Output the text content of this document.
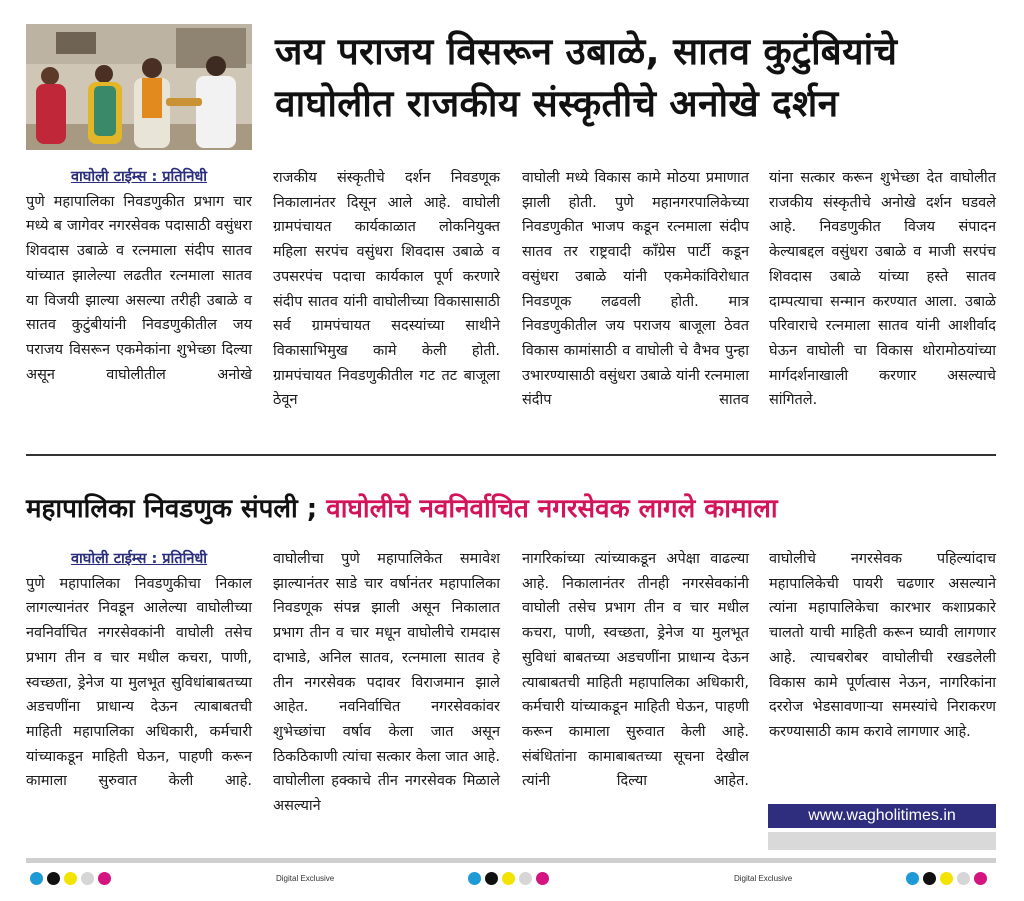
जय पराजय विसरून उबाळे, सातव कुटुंबियांचे वाघोलीत राजकीय संस्कृतीचे अनोखे दर्शन
वाघोली टाईम्स : प्रतिनिधी
पुणे महापालिका निवडणुकीत प्रभाग चार मध्ये ब जागेवर नगरसेवक पदासाठी वसुंधरा शिवदास उबाळे व रत्नमाला संदीप सातव यांच्यात झालेल्या लढतीत रत्नमाला सातव या विजयी झाल्या असल्या तरीही उबाळे व सातव कुटुंबीयांनी निवडणुकीतील जय पराजय विसरून एकमेकांना शुभेच्छा दिल्या असून वाघोलीतील अनोखे
राजकीय संस्कृतीचे दर्शन निवडणूक निकालानंतर दिसून आले आहे. वाघोली ग्रामपंचायत कार्यकाळात लोकनियुक्त महिला सरपंच वसुंधरा शिवदास उबाळे व उपसरपंच पदाचा कार्यकाल पूर्ण करणारे संदीप सातव यांनी वाघोलीच्या विकासासाठी सर्व ग्रामपंचायत सदस्यांच्या साथीने विकासाभिमुख कामे केली होती. ग्रामपंचायत निवडणुकीतील गट तट बाजूला ठेवून
वाघोली मध्ये विकास कामे मोठया प्रमाणात झाली होती. पुणे महानगरपालिकेच्या निवडणुकीत भाजप कडून रत्नमाला संदीप सातव तर राष्ट्रवादी काँग्रेस पार्टी कडून वसुंधरा उबाळे यांनी एकमेकांविरोधात निवडणूक लढवली होती. मात्र निवडणुकीतील जय पराजय बाजूला ठेवत विकास कामांसाठी व वाघोली चे वैभव पुन्हा उभारण्यासाठी वसुंधरा उबाळे यांनी रत्नमाला संदीप सातव
यांना सत्कार करून शुभेच्छा देत वाघोलीत राजकीय संस्कृतीचे अनोखे दर्शन घडवले आहे. निवडणुकीत विजय संपादन केल्याबद्दल वसुंधरा उबाळे व माजी सरपंच शिवदास उबाळे यांच्या हस्ते सातव दाम्पत्याचा सन्मान करण्यात आला. उबाळे परिवाराचे रत्नमाला सातव यांनी आशीर्वाद घेऊन वाघोली चा विकास थोरामोठयांच्या मार्गदर्शनाखाली करणार असल्याचे सांगितले.
महापालिका निवडणुक संपली ; वाघोलीचे नवनिर्वाचित नगरसेवक लागले कामाला
वाघोली टाईम्स : प्रतिनिधी
पुणे महापालिका निवडणुकीचा निकाल लागल्यानंतर निवडून आलेल्या वाघोलीच्या नवनिर्वाचित नगरसेवकांनी वाघोली तसेच प्रभाग तीन व चार मधील कचरा, पाणी, स्वच्छता, ड्रेनेज या मुलभूत सुविधांबाबतच्या अडचणींना प्राधान्य देऊन त्याबाबतची माहिती महापालिका अधिकारी, कर्मचारी यांच्याकडून माहिती घेऊन, पाहणी करून कामाला सुरुवात केली आहे.
वाघोलीचा पुणे महापालिकेत समावेश झाल्यानंतर साडे चार वर्षानंतर महापालिका निवडणूक संपन्न झाली असून निकालात प्रभाग तीन व चार मधून वाघोलीचे रामदास दाभाडे, अनिल सातव, रत्नमाला सातव हे तीन नगरसेवक पदावर विराजमान झाले आहेत. नवनिर्वाचित नगरसेवकांवर शुभेच्छांचा वर्षाव केला जात असून ठिकठिकाणी त्यांचा सत्कार केला जात आहे. वाघोलीला हक्काचे तीन नगरसेवक मिळाले असल्याने
नागरिकांच्या त्यांच्याकडून अपेक्षा वाढल्या आहे. निकालानंतर तीनही नगरसेवकांनी वाघोली तसेच प्रभाग तीन व चार मधील कचरा, पाणी, स्वच्छता, ड्रेनेज या मुलभूत सुविधां बाबतच्या अडचणींना प्राधान्य देऊन त्याबाबतची माहिती महापालिका अधिकारी, कर्मचारी यांच्याकडून माहिती घेऊन, पाहणी करून कामाला सुरुवात केली आहे. संबंधितांना कामाबाबतच्या सूचना देखील त्यांनी दिल्या आहेत.
वाघोलीचे नगरसेवक पहिल्यांदाच महापालिकेची पायरी चढणार असल्याने त्यांना महापालिकेचा कारभार कशाप्रकारे चालतो याची माहिती करून घ्यावी लागणार आहे. त्याचबरोबर वाघोलीची रखडलेली विकास कामे पूर्णत्वास नेऊन, नागरिकांना दररोज भेडसावणाऱ्या समस्यांचे निराकरण करण्यासाठी काम करावे लागणार आहे.
www.wagholitimes.in
Digital Exclusive	Digital Exclusive
